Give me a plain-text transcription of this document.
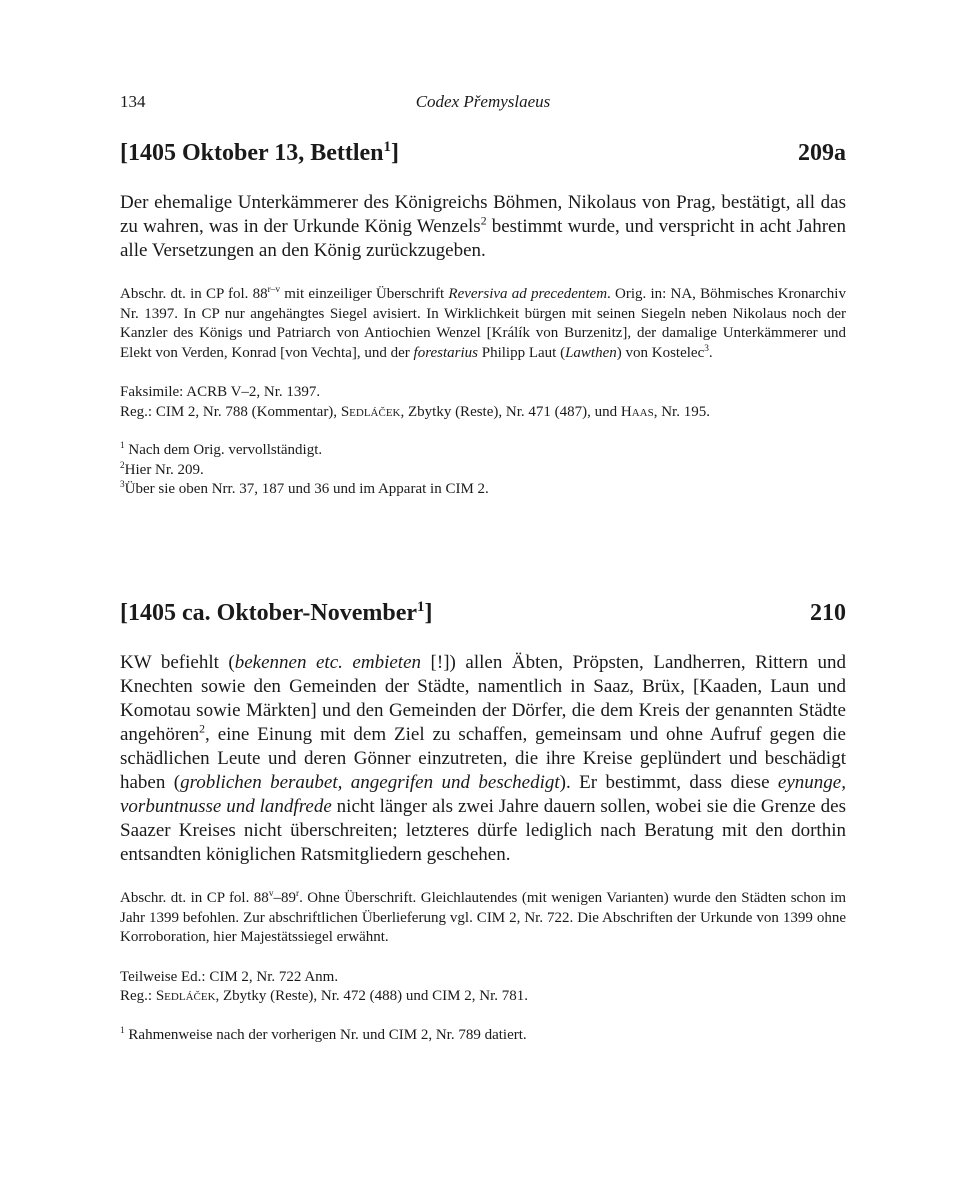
134	Codex Přemyslaeus
[1405 Oktober 13, Bettlen$^1$]	209a
Der ehemalige Unterkämmerer des Königreichs Böhmen, Nikolaus von Prag, bestätigt, all das zu wahren, was in der Urkunde König Wenzels$^2$ bestimmt wurde, und verspricht in acht Jahren alle Versetzungen an den König zurückzugeben.
Abschr. dt. in CP fol. 88$^{r-v}$ mit einzeiliger Überschrift Reversiva ad precedentem. Orig. in: NA, Böhmisches Kronarchiv Nr. 1397. In CP nur angehängtes Siegel avisiert. In Wirklichkeit bürgen mit seinen Siegeln neben Nikolaus noch der Kanzler des Königs und Patriarch von Antiochien Wenzel [Králík von Burzenitz], der damalige Unterkämmerer und Elekt von Verden, Konrad [von Vechta], und der forestarius Philipp Laut (Lawthen) von Kostelec$^3$.
Faksimile: ACRB V–2, Nr. 1397.
Reg.: CIM 2, Nr. 788 (Kommentar), Sedláček, Zbytky (Reste), Nr. 471 (487), und Haas, Nr. 195.
$^1$ Nach dem Orig. vervollständigt.
$^2$Hier Nr. 209.
$^3$Über sie oben Nrr. 37, 187 und 36 und im Apparat in CIM 2.
[1405 ca. Oktober-November$^1$]	210
KW befiehlt (bekennen etc. embieten [!]) allen Äbten, Pröpsten, Landherren, Rittern und Knechten sowie den Gemeinden der Städte, namentlich in Saaz, Brüx, [Kaaden, Laun und Komotau sowie Märkten] und den Gemeinden der Dörfer, die dem Kreis der genannten Städte angehören$^2$, eine Einung mit dem Ziel zu schaffen, gemeinsam und ohne Aufruf gegen die schädlichen Leute und deren Gönner einzutreten, die ihre Kreise geplündert und beschädigt haben (groblichen beraubet, angegrifen und beschedigt). Er bestimmt, dass diese eynunge, vorbuntnusse und landfrede nicht länger als zwei Jahre dauern sollen, wobei sie die Grenze des Saazer Kreises nicht überschreiten; letzteres dürfe lediglich nach Beratung mit den dorthin entsandten königlichen Ratsmitgliedern geschehen.
Abschr. dt. in CP fol. 88$^v$–89$^r$. Ohne Überschrift. Gleichlautendes (mit wenigen Varianten) wurde den Städten schon im Jahr 1399 befohlen. Zur abschriftlichen Überlieferung vgl. CIM 2, Nr. 722. Die Abschriften der Urkunde von 1399 ohne Korroboration, hier Majestätssiegel erwähnt.
Teilweise Ed.: CIM 2, Nr. 722 Anm.
Reg.: Sedláček, Zbytky (Reste), Nr. 472 (488) und CIM 2, Nr. 781.
$^1$ Rahmenweise nach der vorherigen Nr. und CIM 2, Nr. 789 datiert.
